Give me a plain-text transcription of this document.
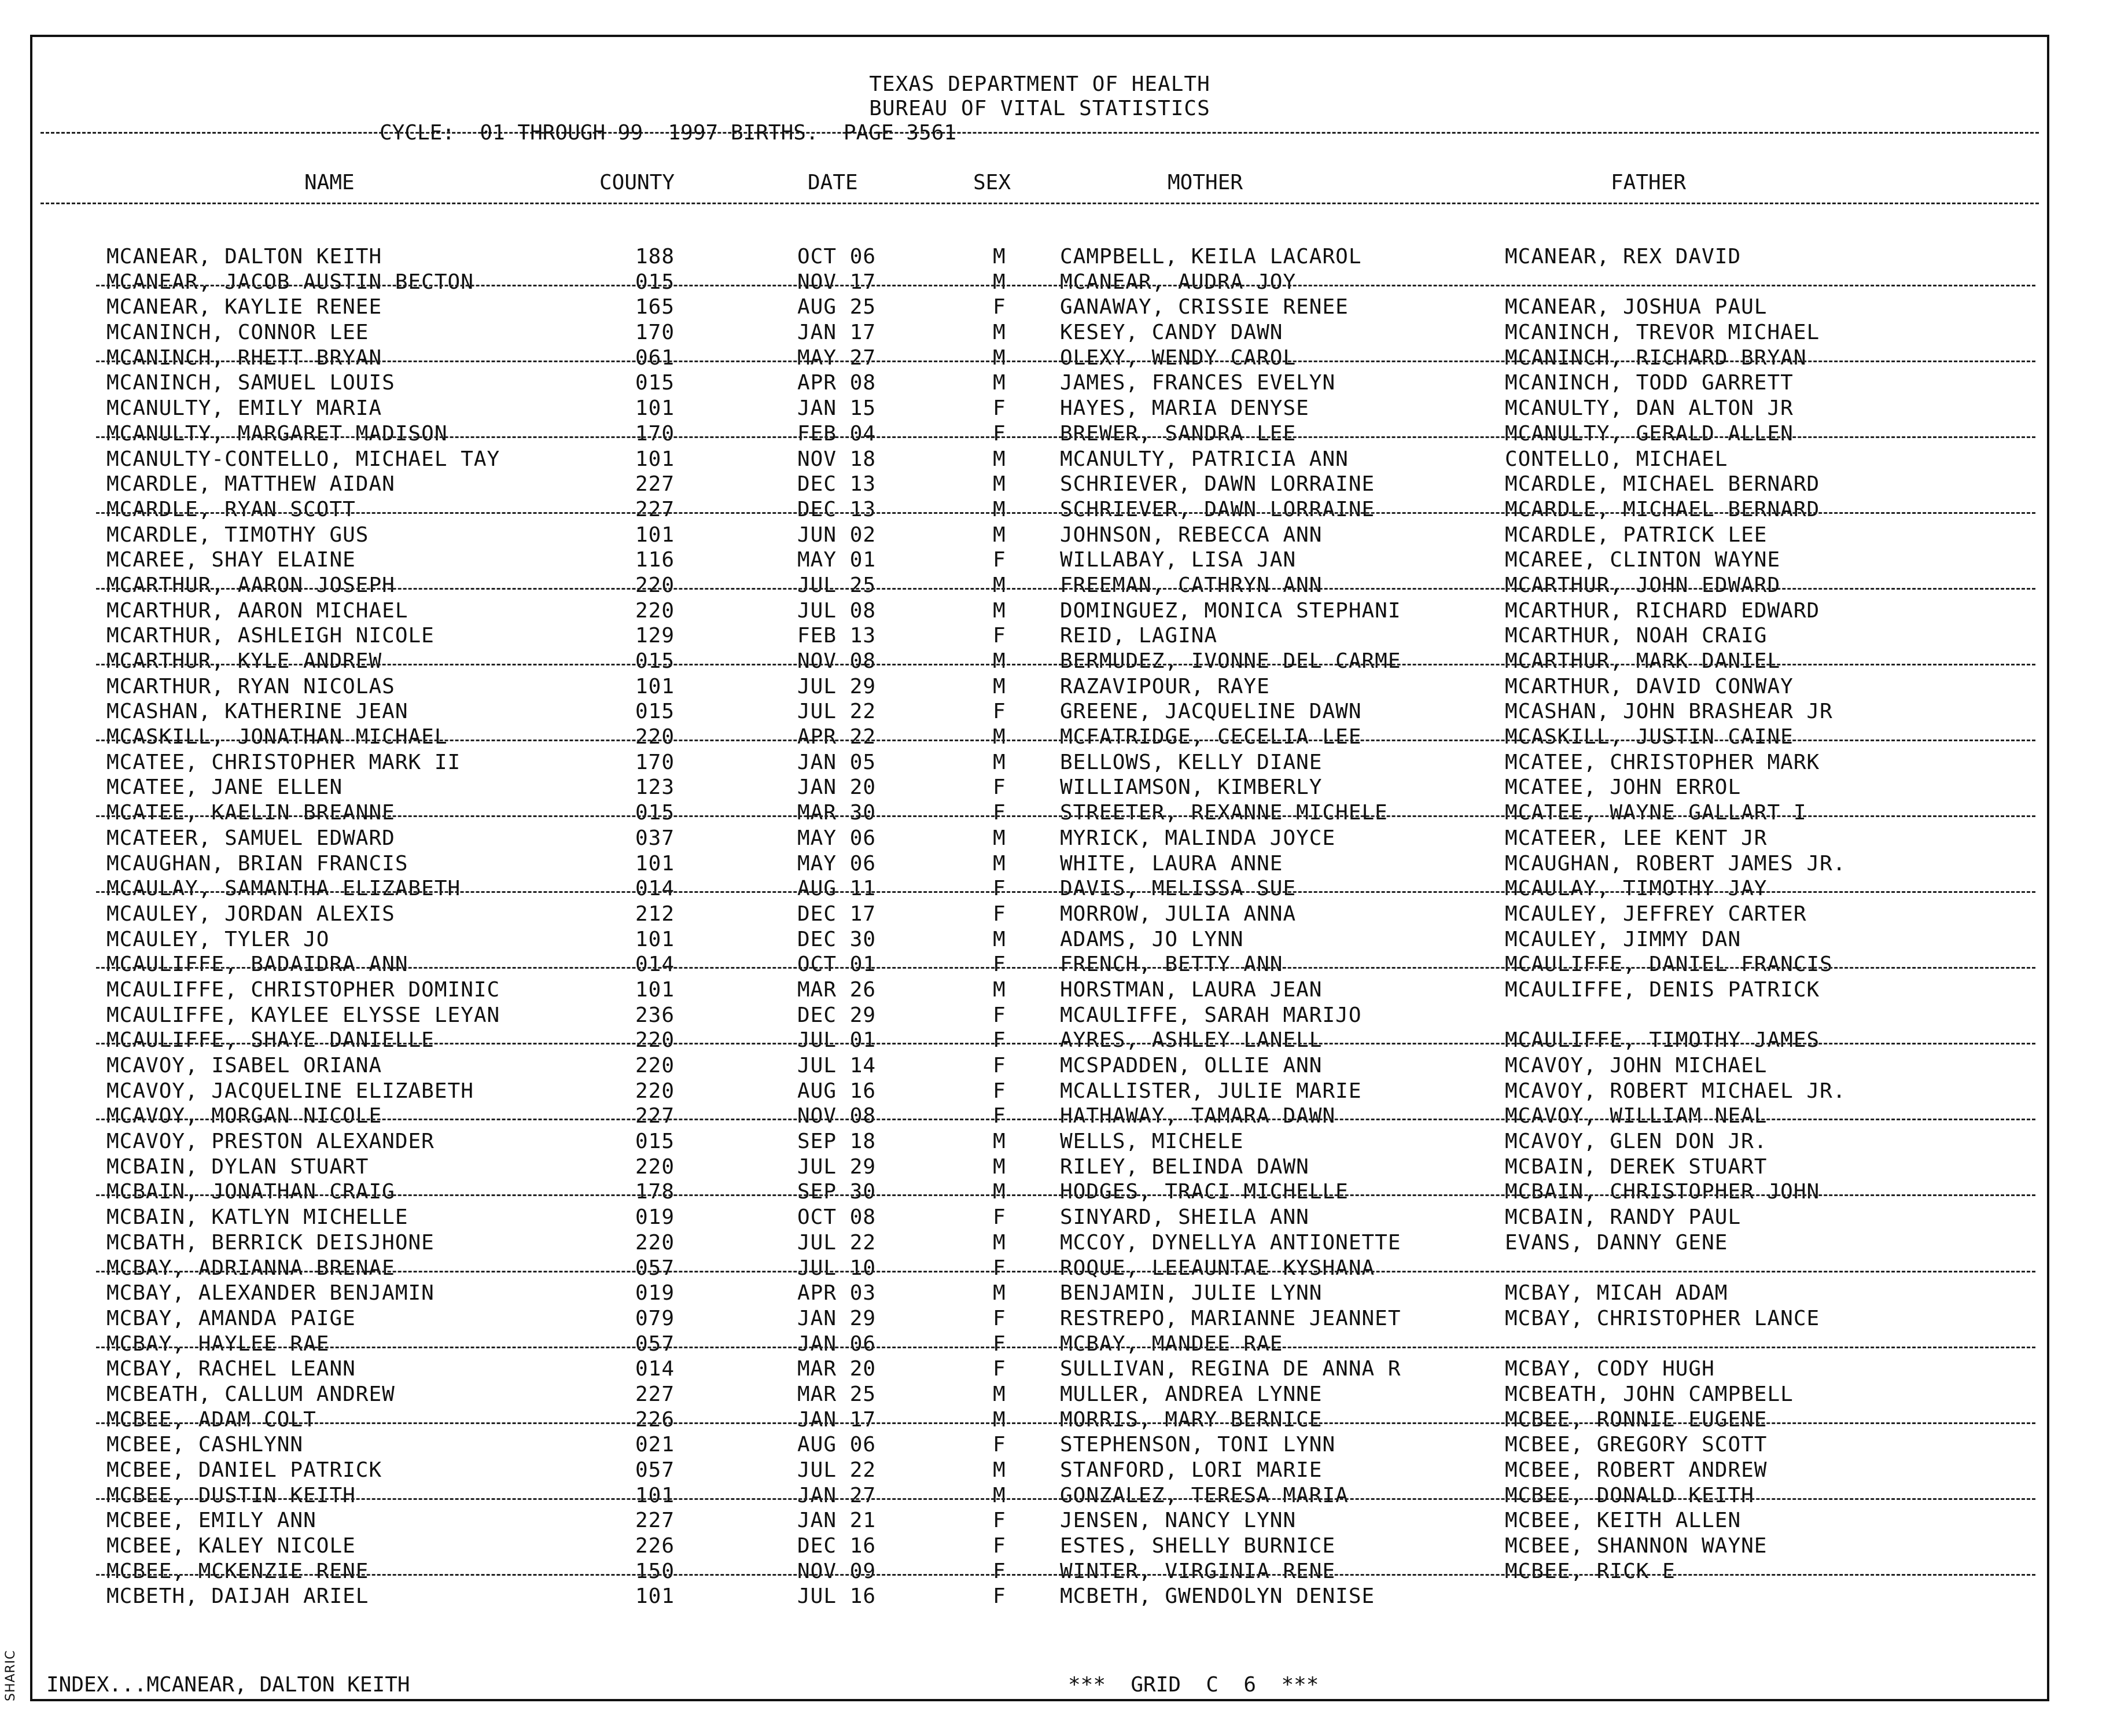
TEXAS DEPARTMENT OF HEALTH
BUREAU OF VITAL STATISTICS
CYCLE:  01 THROUGH 99  1997 BIRTHS.  PAGE 3561
NAME	COUNTY	DATE	SEX	MOTHER	FATHER
MCANEAR, DALTON KEITH	188	OCT 06	M	CAMPBELL, KEILA LACAROL	MCANEAR, REX DAVID
MCANEAR, JACOB AUSTIN BECTON	015	NOV 17	M	MCANEAR, AUDRA JOY
MCANEAR, KAYLIE RENEE	165	AUG 25	F	GANAWAY, CRISSIE RENEE	MCANEAR, JOSHUA PAUL
MCANINCH, CONNOR LEE	170	JAN 17	M	KESEY, CANDY DAWN	MCANINCH, TREVOR MICHAEL
MCANINCH, RHETT BRYAN	061	MAY 27	M	OLEXY, WENDY CAROL	MCANINCH, RICHARD BRYAN
MCANINCH, SAMUEL LOUIS	015	APR 08	M	JAMES, FRANCES EVELYN	MCANINCH, TODD GARRETT
MCANULTY, EMILY MARIA	101	JAN 15	F	HAYES, MARIA DENYSE	MCANULTY, DAN ALTON JR
MCANULTY, MARGARET MADISON	170	FEB 04	F	BREWER, SANDRA LEE	MCANULTY, GERALD ALLEN
MCANULTY-CONTELLO, MICHAEL TAY	101	NOV 18	M	MCANULTY, PATRICIA ANN	CONTELLO, MICHAEL
MCARDLE, MATTHEW AIDAN	227	DEC 13	M	SCHRIEVER, DAWN LORRAINE	MCARDLE, MICHAEL BERNARD
MCARDLE, RYAN SCOTT	227	DEC 13	M	SCHRIEVER, DAWN LORRAINE	MCARDLE, MICHAEL BERNARD
MCARDLE, TIMOTHY GUS	101	JUN 02	M	JOHNSON, REBECCA ANN	MCARDLE, PATRICK LEE
MCAREE, SHAY ELAINE	116	MAY 01	F	WILLABAY, LISA JAN	MCAREE, CLINTON WAYNE
MCARTHUR, AARON JOSEPH	220	JUL 25	M	FREEMAN, CATHRYN ANN	MCARTHUR, JOHN EDWARD
MCARTHUR, AARON MICHAEL	220	JUL 08	M	DOMINGUEZ, MONICA STEPHANI	MCARTHUR, RICHARD EDWARD
MCARTHUR, ASHLEIGH NICOLE	129	FEB 13	F	REID, LAGINA	MCARTHUR, NOAH CRAIG
MCARTHUR, KYLE ANDREW	015	NOV 08	M	BERMUDEZ, IVONNE DEL CARME	MCARTHUR, MARK DANIEL
MCARTHUR, RYAN NICOLAS	101	JUL 29	M	RAZAVIPOUR, RAYE	MCARTHUR, DAVID CONWAY
MCASHAN, KATHERINE JEAN	015	JUL 22	F	GREENE, JACQUELINE DAWN	MCASHAN, JOHN BRASHEAR JR
MCASKILL, JONATHAN MICHAEL	220	APR 22	M	MCFATRIDGE, CECELIA LEE	MCASKILL, JUSTIN CAINE
MCATEE, CHRISTOPHER MARK II	170	JAN 05	M	BELLOWS, KELLY DIANE	MCATEE, CHRISTOPHER MARK
MCATEE, JANE ELLEN	123	JAN 20	F	WILLIAMSON, KIMBERLY	MCATEE, JOHN ERROL
MCATEE, KAELIN BREANNE	015	MAR 30	F	STREETER, REXANNE MICHELE	MCATEE, WAYNE GALLART I
MCATEER, SAMUEL EDWARD	037	MAY 06	M	MYRICK, MALINDA JOYCE	MCATEER, LEE KENT JR
MCAUGHAN, BRIAN FRANCIS	101	MAY 06	M	WHITE, LAURA ANNE	MCAUGHAN, ROBERT JAMES JR.
MCAULAY, SAMANTHA ELIZABETH	014	AUG 11	F	DAVIS, MELISSA SUE	MCAULAY, TIMOTHY JAY
MCAULEY, JORDAN ALEXIS	212	DEC 17	F	MORROW, JULIA ANNA	MCAULEY, JEFFREY CARTER
MCAULEY, TYLER JO	101	DEC 30	M	ADAMS, JO LYNN	MCAULEY, JIMMY DAN
MCAULIFFE, BADAIDRA ANN	014	OCT 01	F	FRENCH, BETTY ANN	MCAULIFFE, DANIEL FRANCIS
MCAULIFFE, CHRISTOPHER DOMINIC	101	MAR 26	M	HORSTMAN, LAURA JEAN	MCAULIFFE, DENIS PATRICK
MCAULIFFE, KAYLEE ELYSSE LEYAN	236	DEC 29	F	MCAULIFFE, SARAH MARIJO
MCAULIFFE, SHAYE DANIELLE	220	JUL 01	F	AYRES, ASHLEY LANELL	MCAULIFFE, TIMOTHY JAMES
MCAVOY, ISABEL ORIANA	220	JUL 14	F	MCSPADDEN, OLLIE ANN	MCAVOY, JOHN MICHAEL
MCAVOY, JACQUELINE ELIZABETH	220	AUG 16	F	MCALLISTER, JULIE MARIE	MCAVOY, ROBERT MICHAEL JR.
MCAVOY, MORGAN NICOLE	227	NOV 08	F	HATHAWAY, TAMARA DAWN	MCAVOY, WILLIAM NEAL
MCAVOY, PRESTON ALEXANDER	015	SEP 18	M	WELLS, MICHELE	MCAVOY, GLEN DON JR.
MCBAIN, DYLAN STUART	220	JUL 29	M	RILEY, BELINDA DAWN	MCBAIN, DEREK STUART
MCBAIN, JONATHAN CRAIG	178	SEP 30	M	HODGES, TRACI MICHELLE	MCBAIN, CHRISTOPHER JOHN
MCBAIN, KATLYN MICHELLE	019	OCT 08	F	SINYARD, SHEILA ANN	MCBAIN, RANDY PAUL
MCBATH, BERRICK DEISJHONE	220	JUL 22	M	MCCOY, DYNELLYA ANTIONETTE	EVANS, DANNY GENE
MCBAY, ADRIANNA BRENAE	057	JUL 10	F	ROQUE, LEEAUNTAE KYSHANA
MCBAY, ALEXANDER BENJAMIN	019	APR 03	M	BENJAMIN, JULIE LYNN	MCBAY, MICAH ADAM
MCBAY, AMANDA PAIGE	079	JAN 29	F	RESTREPO, MARIANNE JEANNET	MCBAY, CHRISTOPHER LANCE
MCBAY, HAYLEE RAE	057	JAN 06	F	MCBAY, MANDEE RAE
MCBAY, RACHEL LEANN	014	MAR 20	F	SULLIVAN, REGINA DE ANNA R	MCBAY, CODY HUGH
MCBEATH, CALLUM ANDREW	227	MAR 25	M	MULLER, ANDREA LYNNE	MCBEATH, JOHN CAMPBELL
MCBEE, ADAM COLT	226	JAN 17	M	MORRIS, MARY BERNICE	MCBEE, RONNIE EUGENE
MCBEE, CASHLYNN	021	AUG 06	F	STEPHENSON, TONI LYNN	MCBEE, GREGORY SCOTT
MCBEE, DANIEL PATRICK	057	JUL 22	M	STANFORD, LORI MARIE	MCBEE, ROBERT ANDREW
MCBEE, DUSTIN KEITH	101	JAN 27	M	GONZALEZ, TERESA MARIA	MCBEE, DONALD KEITH
MCBEE, EMILY ANN	227	JAN 21	F	JENSEN, NANCY LYNN	MCBEE, KEITH ALLEN
MCBEE, KALEY NICOLE	226	DEC 16	F	ESTES, SHELLY BURNICE	MCBEE, SHANNON WAYNE
MCBEE, MCKENZIE RENE	150	NOV 09	F	WINTER, VIRGINIA RENE	MCBEE, RICK E
MCBETH, DAIJAH ARIEL	101	JUL 16	F	MCBETH, GWENDOLYN DENISE
INDEX...MCANEAR, DALTON KEITH	***  GRID  C  6  ***
SHARIC
